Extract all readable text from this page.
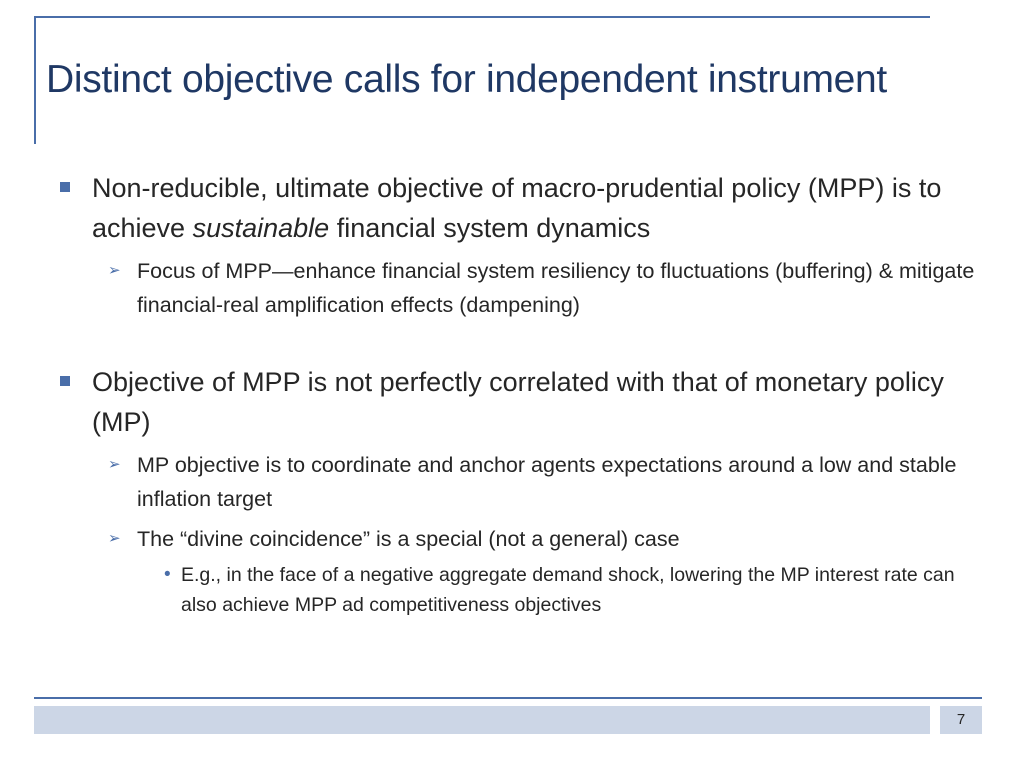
Distinct objective calls for independent instrument
Non-reducible, ultimate objective of macro-prudential policy (MPP) is to achieve sustainable financial system dynamics
➢ Focus of MPP—enhance financial system resiliency to fluctuations (buffering) & mitigate financial-real amplification effects (dampening)
Objective of MPP is not perfectly correlated with that of monetary policy (MP)
➢ MP objective is to coordinate and anchor agents expectations around a low and stable inflation target
➢ The “divine coincidence” is a special (not a general) case
• E.g., in the face of a negative aggregate demand shock, lowering the MP interest rate can also achieve MPP ad competitiveness objectives
7
